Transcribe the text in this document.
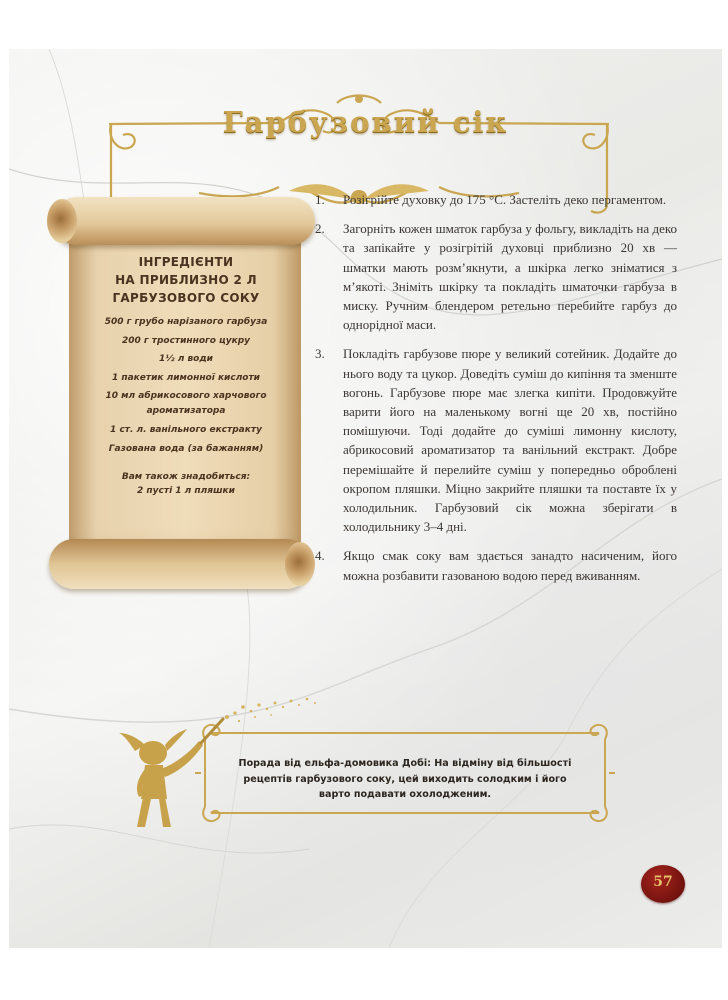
Гарбузовий сік
ІНГРЕДІЄНТИ
НА ПРИБЛИЗНО 2 Л
ГАРБУЗОВОГО СОКУ
500 г грубо нарізаного гарбуза
200 г тростинного цукру
1½ л води
1 пакетик лимонної кислоти
10 мл абрикосового харчового
ароматизатора
1 ст. л. ванільного екстракту
Газована вода (за бажанням)
Вам також знадобиться:
2 пусті 1 л пляшки
1. Розігрійте духовку до 175 °C. Застеліть деко пергаментом.
2. Загорніть кожен шматок гарбуза у фольгу, викладіть на деко та запікайте у розігрітій духовці приблизно 20 хв — шматки мають розм’якнути, а шкірка легко зніматися з м’якоті. Зніміть шкірку та покладіть шматочки гарбуза в миску. Ручним блендером ретельно перебийте гарбуз до однорідної маси.
3. Покладіть гарбузове пюре у великий сотейник. Додайте до нього воду та цукор. Доведіть суміш до кипіння та зменште вогонь. Гарбузове пюре має злегка кипіти. Продовжуйте варити його на маленькому вогні ще 20 хв, постійно помішуючи. Тоді додайте до суміші лимонну кислоту, абрикосовий ароматизатор та ванільний екстракт. Добре перемішайте й перелийте суміш у попередньо оброблені окропом пляшки. Міцно закрийте пляшки та поставте їх у холодильник. Гарбузовий сік можна зберігати в холодильнику 3–4 дні.
4. Якщо смак соку вам здається занадто насиченим, його можна розбавити газованою водою перед вживанням.
Порада від ельфа-домовика Добі: На відміну від більшості
рецептів гарбузового соку, цей виходить солодким і його
варто подавати охолодженим.
57
